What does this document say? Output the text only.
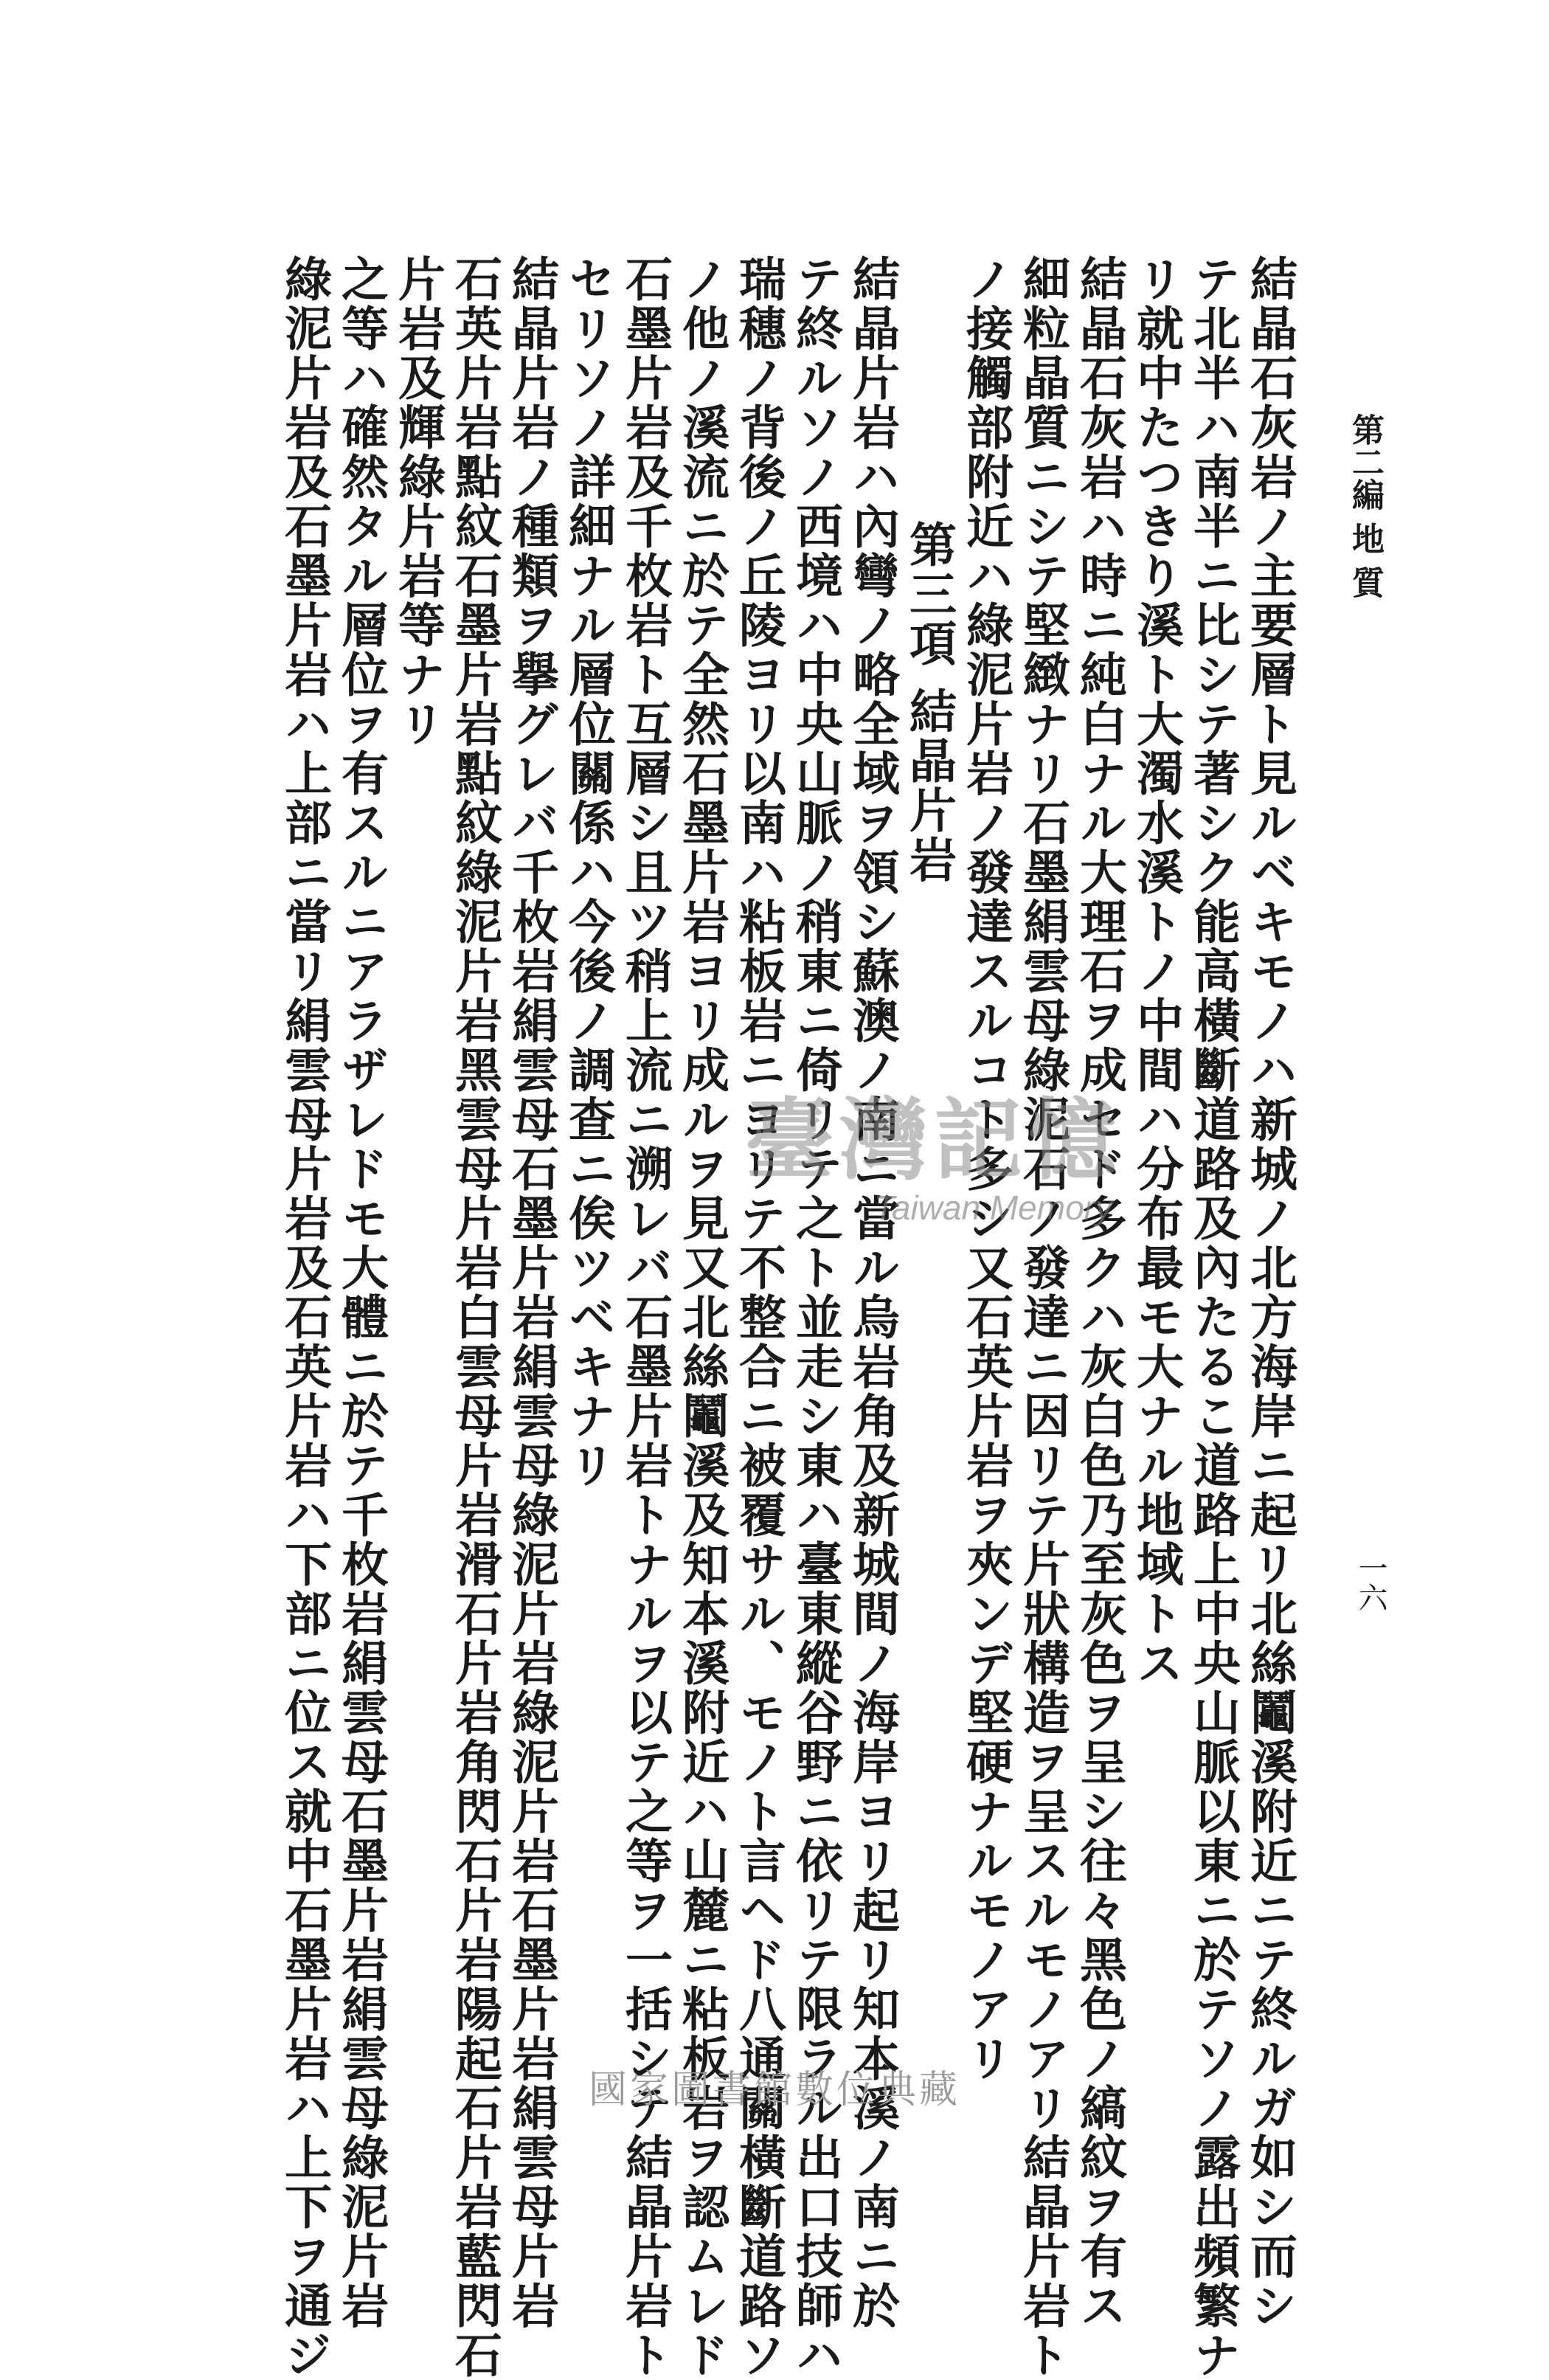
第二編 地 質
一六
結晶石灰岩ノ主要層ト見ルベキモノハ新城ノ北方海岸ニ起リ北絲鬮溪附近ニテ終ルガ如シ而シ
テ北半ハ南半ニ比シテ著シク能高橫斷道路及內たるこ道路上中央山脈以東ニ於テソノ露出頻繁ナ
リ就中たつきり溪ト大濁水溪トノ中間ハ分布最モ大ナル地域トス
結晶石灰岩ハ時ニ純白ナル大理石ヲ成セド多クハ灰白色乃至灰色ヲ呈シ往々黑色ノ縞紋ヲ有ス
細粒晶質ニシテ堅緻ナリ石墨絹雲母綠泥石ノ發達ニ因リテ片狀構造ヲ呈スルモノアリ結晶片岩ト
ノ接觸部附近ハ綠泥片岩ノ發達スルコト多シ又石英片岩ヲ夾ンデ堅硬ナルモノアリ
第三項 結晶片岩
結晶片岩ハ內彎ノ略全域ヲ領シ蘇澳ノ南ニ當ル烏岩角及新城間ノ海岸ヨリ起リ知本溪ノ南ニ於
テ終ルソノ西境ハ中央山脈ノ稍東ニ倚リテ之ト並走シ東ハ臺東縱谷野ニ依リテ限ラル出口技師ハ
瑞穗ノ背後ノ丘陵ヨリ以南ハ粘板岩ニヨリテ不整合ニ被覆サル、モノト言ヘド八通關橫斷道路ソ
ノ他ノ溪流ニ於テ全然石墨片岩ヨリ成ルヲ見又北絲鬮溪及知本溪附近ハ山麓ニ粘板岩ヲ認ムレド
石墨片岩及千枚岩ト互層シ且ツ稍上流ニ溯レバ石墨片岩トナルヲ以テ之等ヲ一括シテ結晶片岩ト
セリソノ詳細ナル層位關係ハ今後ノ調查ニ俟ツベキナリ
結晶片岩ノ種類ヲ擧グレバ千枚岩絹雲母石墨片岩絹雲母綠泥片岩綠泥片岩石墨片岩絹雲母片岩
石英片岩點紋石墨片岩點紋綠泥片岩黑雲母片岩白雲母片岩滑石片岩角閃石片岩陽起石片岩藍閃石
片岩及輝綠片岩等ナリ
之等ハ確然タル層位ヲ有スルニアラザレドモ大體ニ於テ千枚岩絹雲母石墨片岩絹雲母綠泥片岩
綠泥片岩及石墨片岩ハ上部ニ當リ絹雲母片岩及石英片岩ハ下部ニ位ス就中石墨片岩ハ上下ヲ通ジ	臺灣記憶
Taiwan Memory
國家圖書館數位典藏
